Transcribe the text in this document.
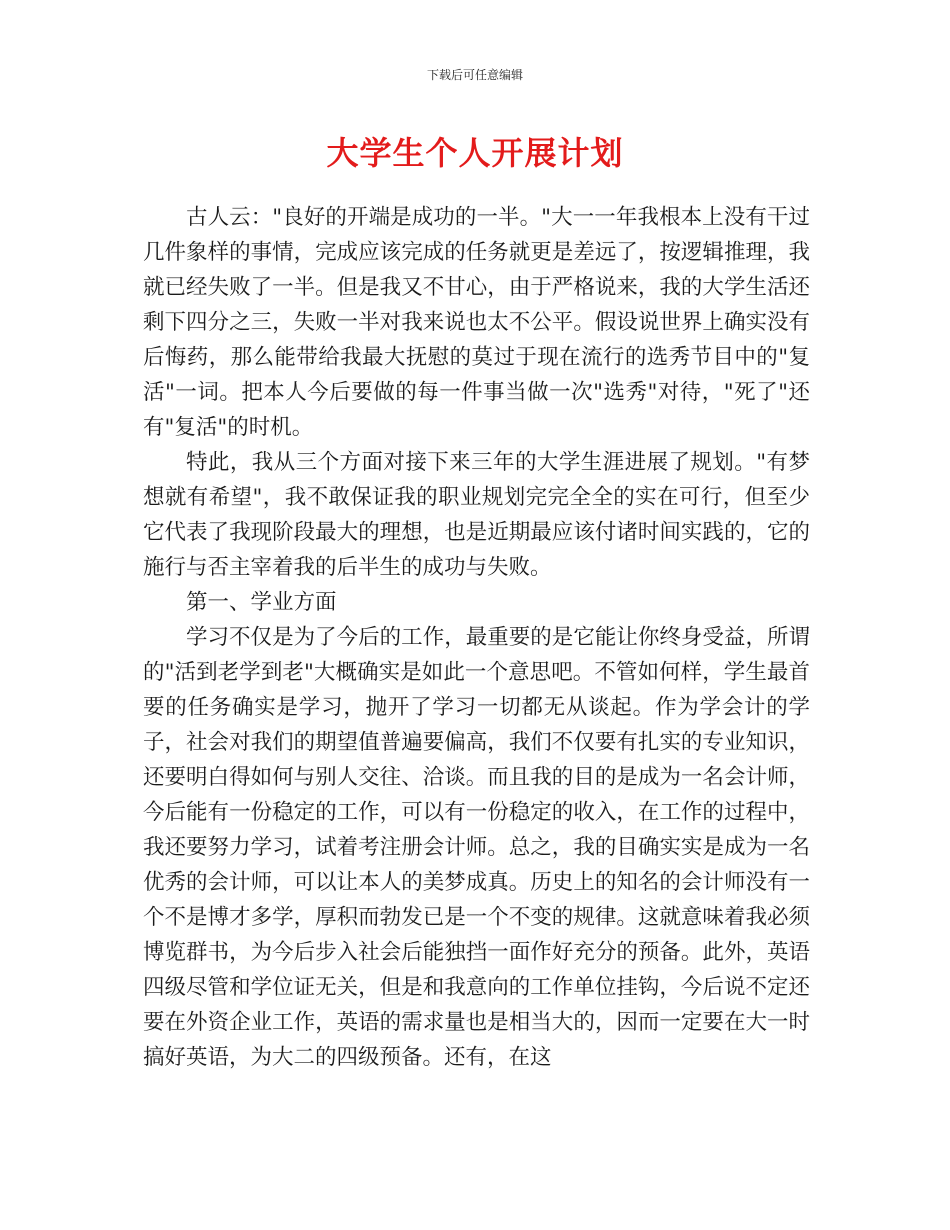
下载后可任意编辑
大学生个人开展计划

古人云："良好的开端是成功的一半。"大一一年我根本上没有干过几件象样的事情，完成应该完成的任务就更是差远了，按逻辑推理，我就已经失败了一半。但是我又不甘心，由于严格说来，我的大学生活还剩下四分之三，失败一半对我来说也太不公平。假设说世界上确实没有后悔药，那么能带给我最大抚慰的莫过于现在流行的选秀节目中的"复活"一词。把本人今后要做的每一件事当做一次"选秀"对待，"死了"还有"复活"的时机。

特此，我从三个方面对接下来三年的大学生涯进展了规划。"有梦想就有希望"，我不敢保证我的职业规划完完全全的实在可行，但至少它代表了我现阶段最大的理想，也是近期最应该付诸时间实践的，它的施行与否主宰着我的后半生的成功与失败。

第一、学业方面

学习不仅是为了今后的工作，最重要的是它能让你终身受益，所谓的"活到老学到老"大概确实是如此一个意思吧。不管如何样，学生最首要的任务确实是学习，抛开了学习一切都无从谈起。作为学会计的学子，社会对我们的期望值普遍要偏高，我们不仅要有扎实的专业知识，还要明白得如何与别人交往、洽谈。而且我的目的是成为一名会计师，今后能有一份稳定的工作，可以有一份稳定的收入，在工作的过程中，我还要努力学习，试着考注册会计师。总之，我的目确实实是成为一名优秀的会计师，可以让本人的美梦成真。历史上的知名的会计师没有一个不是博才多学，厚积而勃发已是一个不变的规律。这就意味着我必须博览群书，为今后步入社会后能独挡一面作好充分的预备。此外，英语四级尽管和学位证无关，但是和我意向的工作单位挂钩，今后说不定还要在外资企业工作，英语的需求量也是相当大的，因而一定要在大一时搞好英语，为大二的四级预备。还有，在这
